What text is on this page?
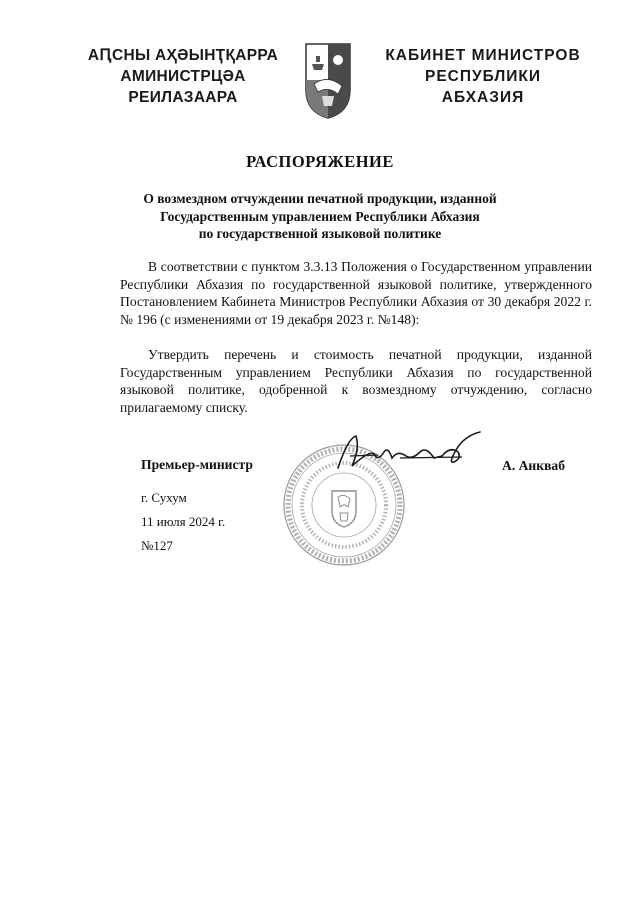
АԤСНЫ АҲӘЫНҬҚАРРА
АМИНИСТРЦӘА РЕИЛАЗААРА
КАБИНЕТ МИНИСТРОВ
РЕСПУБЛИКИ АБХАЗИЯ
РАСПОРЯЖЕНИЕ
О возмездном отчуждении печатной продукции, изданной
Государственным управлением Республики Абхазия
по государственной языковой политике

В соответствии с пунктом 3.3.13 Положения о Государственном управлении Республики Абхазия по государственной языковой политике, утвержденного Постановлением Кабинета Министров Республики Абхазия от 30 декабря 2022 г. № 196 (с изменениями от 19 декабря 2023 г. №148):

Утвердить перечень и стоимость печатной продукции, изданной Государственным управлением Республики Абхазия по государственной языковой политике, одобренной к возмездному отчуждению, согласно прилагаемому списку.

Премьер-министр	А. Анкваб
г. Сухум
11 июля 2024 г.
№127
